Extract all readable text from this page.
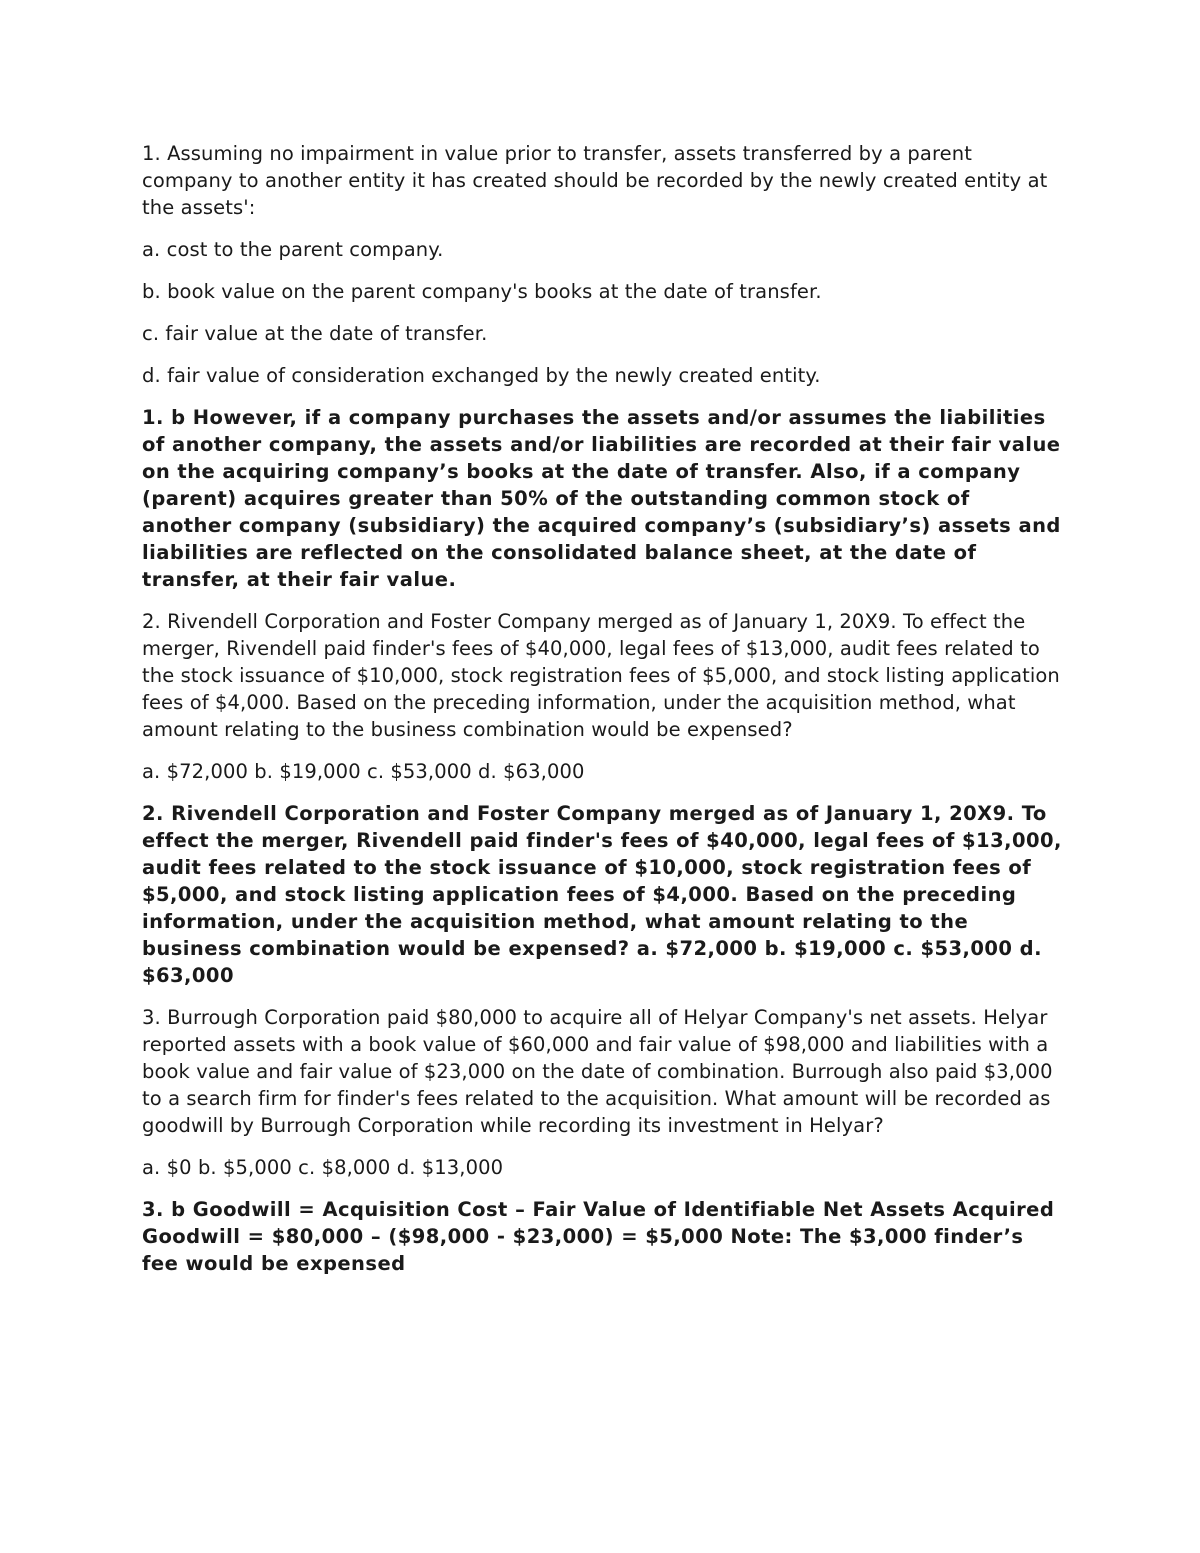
1. Assuming no impairment in value prior to transfer, assets transferred by a parent company to another entity it has created should be recorded by the newly created entity at the assets':

a. cost to the parent company.

b. book value on the parent company's books at the date of transfer.

c. fair value at the date of transfer.

d. fair value of consideration exchanged by the newly created entity.

1. b However, if a company purchases the assets and/or assumes the liabilities of another company, the assets and/or liabilities are recorded at their fair value on the acquiring company’s books at the date of transfer. Also, if a company (parent) acquires greater than 50% of the outstanding common stock of another company (subsidiary) the acquired company’s (subsidiary’s) assets and liabilities are reflected on the consolidated balance sheet, at the date of transfer, at their fair value.

2. Rivendell Corporation and Foster Company merged as of January 1, 20X9. To effect the merger, Rivendell paid finder's fees of $40,000, legal fees of $13,000, audit fees related to the stock issuance of $10,000, stock registration fees of $5,000, and stock listing application fees of $4,000. Based on the preceding information, under the acquisition method, what amount relating to the business combination would be expensed?

a. $72,000 b. $19,000 c. $53,000 d. $63,000

2. Rivendell Corporation and Foster Company merged as of January 1, 20X9. To effect the merger, Rivendell paid finder's fees of $40,000, legal fees of $13,000, audit fees related to the stock issuance of $10,000, stock registration fees of $5,000, and stock listing application fees of $4,000. Based on the preceding information, under the acquisition method, what amount relating to the business combination would be expensed? a. $72,000 b. $19,000 c. $53,000 d. $63,000

3. Burrough Corporation paid $80,000 to acquire all of Helyar Company's net assets. Helyar reported assets with a book value of $60,000 and fair value of $98,000 and liabilities with a book value and fair value of $23,000 on the date of combination. Burrough also paid $3,000 to a search firm for finder's fees related to the acquisition. What amount will be recorded as goodwill by Burrough Corporation while recording its investment in Helyar?

a. $0 b. $5,000 c. $8,000 d. $13,000

3. b Goodwill = Acquisition Cost – Fair Value of Identifiable Net Assets Acquired Goodwill = $80,000 – ($98,000 - $23,000) = $5,000 Note: The $3,000 finder’s fee would be expensed
